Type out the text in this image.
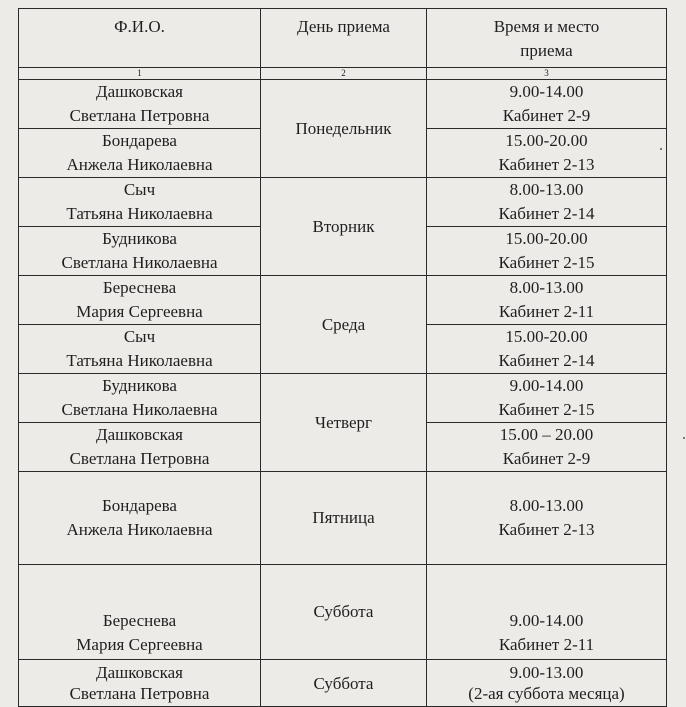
Ф.И.О.	День приема	Время и место
приема

1	2	3

Дашковская
Светлана Петровна	Понедельник	9.00-14.00
Кабинет 2-9

Бондарева
Анжела Николаевна		15.00-20.00
Кабинет 2-13

Сыч
Татьяна Николаевна	Вторник	8.00-13.00
Кабинет 2-14

Будникова
Светлана Николаевна		15.00-20.00
Кабинет 2-15

Береснева
Мария Сергеевна	Среда	8.00-13.00
Кабинет 2-11

Сыч
Татьяна Николаевна		15.00-20.00
Кабинет 2-14

Будникова
Светлана Николаевна	Четверг	9.00-14.00
Кабинет 2-15

Дашковская
Светлана Петровна		15.00 – 20.00
Кабинет 2-9

Бондарева
Анжела Николаевна	Пятница	8.00-13.00
Кабинет 2-13

Береснева
Мария Сергеевна	Суббота	9.00-14.00
Кабинет 2-11

Дашковская
Светлана Петровна	Суббота	9.00-13.00
(2-ая суббота месяца)
